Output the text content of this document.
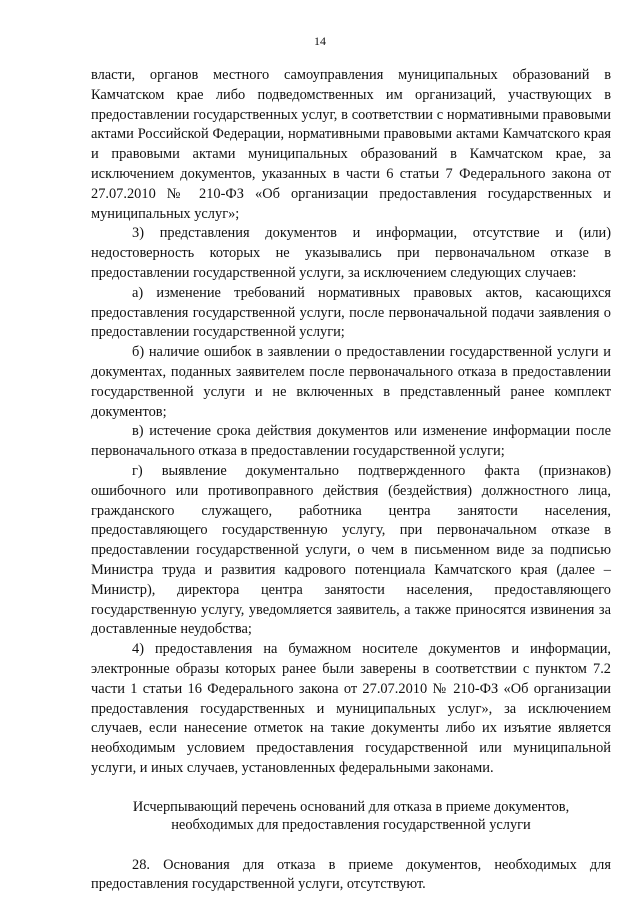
14

власти, органов местного самоуправления муниципальных образований в Камчатском крае либо подведомственных им организаций, участвующих в предоставлении государственных услуг, в соответствии с нормативными правовыми актами Российской Федерации, нормативными правовыми актами Камчатского края и правовыми актами муниципальных образований в Камчатском крае, за исключением документов, указанных в части 6 статьи 7 Федерального закона от 27.07.2010 № 210-ФЗ «Об организации предоставления государственных и муниципальных услуг»;

3) представления документов и информации, отсутствие и (или) недостоверность которых не указывались при первоначальном отказе в предоставлении государственной услуги, за исключением следующих случаев:

а) изменение требований нормативных правовых актов, касающихся предоставления государственной услуги, после первоначальной подачи заявления о предоставлении государственной услуги;

б) наличие ошибок в заявлении о предоставлении государственной услуги и документах, поданных заявителем после первоначального отказа в предоставлении государственной услуги и не включенных в представленный ранее комплект документов;

в) истечение срока действия документов или изменение информации после первоначального отказа в предоставлении государственной услуги;

г) выявление документально подтвержденного факта (признаков) ошибочного или противоправного действия (бездействия) должностного лица, гражданского служащего, работника центра занятости населения, предоставляющего государственную услугу, при первоначальном отказе в предоставлении государственной услуги, о чем в письменном виде за подписью Министра труда и развития кадрового потенциала Камчатского края (далее – Министр), директора центра занятости населения, предоставляющего государственную услугу, уведомляется заявитель, а также приносятся извинения за доставленные неудобства;

4) предоставления на бумажном носителе документов и информации, электронные образы которых ранее были заверены в соответствии с пунктом 7.2 части 1 статьи 16 Федерального закона от 27.07.2010 № 210-ФЗ «Об организации предоставления государственных и муниципальных услуг», за исключением случаев, если нанесение отметок на такие документы либо их изъятие является необходимым условием предоставления государственной или муниципальной услуги, и иных случаев, установленных федеральными законами.

Исчерпывающий перечень оснований для отказа в приеме документов,
необходимых для предоставления государственной услуги

28. Основания для отказа в приеме документов, необходимых для предоставления государственной услуги, отсутствуют.
